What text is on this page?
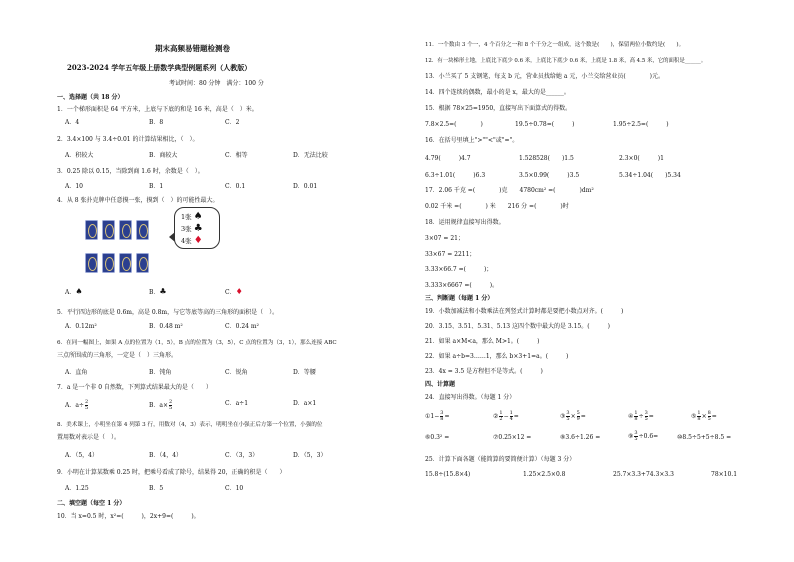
期末高频易错题检测卷
2023-2024 学年五年级上册数学典型例题系列（人教版）
考试时间：80 分钟　满分：100 分
一、选择题（共 18 分）
1．一个梯形面积是 64 平方米，上底与下底的和是 16 米，高是（　）米。
A．4	B．8	C．2
2．3.4×100 与 3.4÷0.01 的计算结果相比，（　）。
A．积较大	B．商较大	C．相等	D．无法比较
3．0.25 除以 0.15，当除到商 1.6 时，余数是（　）。
A．10	B．1	C．0.1	D．0.01
4．从 8 张扑克牌中任意摸一张，摸到（　）的可能性最大。
1张 ♠
3张 ♣
4张 ♦
A．♠	B．♣	C．♦
5．平行四边形的底是 0.6m，高是 0.8m，与它等底等高的三角形的面积是（　）。
A．0.12m²	B．0.48 m²	C．0.24 m²
6．在同一幅图上，如果 A 点的位置为（1，5），B 点的位置为（3，5），C 点的位置为（3，1），那么连接 ABC
三点所围成的三角形，一定是（　）三角形。
A．直角	B．钝角	C．锐角	D．等腰
7．a 是一个非 0 自然数，下列算式结果最大的是（　　）
A．$a\div \frac{2}{5}$	B．$a\times \frac{2}{5}$	C．a÷1	D．a×1
8．美术课上，小明坐在第 4 列第 3 行，用数对（4，3）表示，明明坐在小强正后方第一个位置，小强的位
置用数对表示是（　）。
A．（5，4）	B．（4，4）	C．（3，3）	D．（5，3）
9．小明在计算某数乘 0.25 时，把乘号看成了除号，结果得 20，正确的积是（　　）
A．1.25	B．5	C．10
二、填空题（每空 1 分）
10．当 x=0.5 时，x²=(　　　)，2x+9=(　　　)。
11．一个数由 3 个一，4 个百分之一和 8 个千分之一组成，这个数是(　　)，保留两位小数约是(　　)。
12．有一块梯形土地，上底比下底少 0.6 米，上底比下底少 0.6 米，上底是 1.8 米，高 4.5 米，它的面积是______。
13．小兰买了 5 支钢笔，每支 b 元，营业员找给她 a 元，小兰交给营业员(　　　　)元。
14．四个连续的偶数，最小的是 x，最大的是______。
15．根据 78×25=1950，直接写出下面算式的得数。
7.8×2.5=(　　　　)	19.5÷0.78=(　　　)	1.95÷2.5=(　　　)
16．在括号里填上">""<"或"="。
4.79(　　　)4.7	1.528528(　　)1.5	2.3×0(　　　)1
6.3÷1.01(　　　)6.3	3.5×0.99(　　　)3.5	5.34÷1.04(　　)5.34
17．2.06 千克 =(　　　　)克　　4780cm² =(　　　　)dm²
0.02 千米 =(　　　　) 米　　216 分 =(　　　　)时
18．运用规律直接写出得数。
3×07 = 21；
33×67 = 2211；
3.33×66.7 =(　　　)；
3.333×6667 =(　　　)。
三、判断题（每题 1 分）
19．小数加减法和小数乘法在列竖式计算时都是要把小数点对齐。(　　　)
20．3.15、3.51、5.31、5.13 这四个数中最大的是 3.15。(　　　)
21．如果 a×M<a，那么 M>1。(　　　)
22．如果 a÷b=3……1，那么 b×3+1=a。(　　　)
23．4x = 3.5 是方程但不是等式。(　　　)
四、计算题
24．直接写出得数。（每题 1 分）
①1− $\frac{3}{8}$ =	② $\frac{1}{2} - \frac{1}{4}$ =	③ $\frac{3}{5} \times \frac{5}{9}$ =	④ $\frac{1}{8} \div \frac{3}{5}$ =	⑤ $\frac{1}{8} \times \frac{8}{5}$ =
⑥0.3² =	⑦0.25×12 =	⑧3.6÷1.26 =	⑨ $\frac{3}{5} \div 0.6=$	⑩8.5÷5+5÷8.5 =
25．计算下面各题（能简算的要简便计算）（每题 3 分）
15.8÷(15.8×4)	1.25×2.5×0.8	25.7×3.3+74.3×3.3	78×10.1
